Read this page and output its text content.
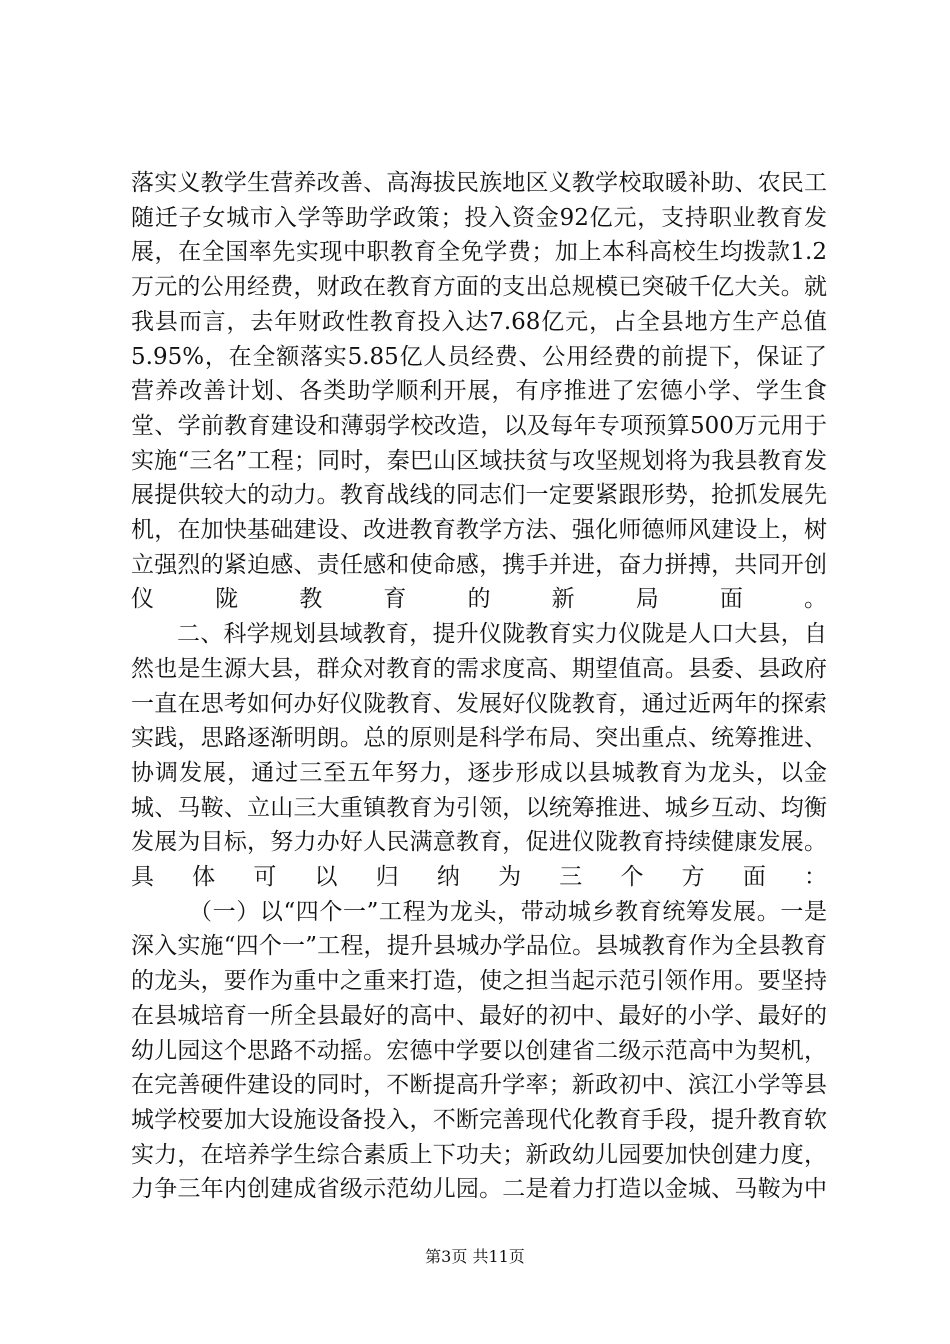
落实义教学生营养改善、高海拔民族地区义教学校取暖补助、农民工随迁子女城市入学等助学政策；投入资金92亿元，支持职业教育发展，在全国率先实现中职教育全免学费；加上本科高校生均拨款1.2万元的公用经费，财政在教育方面的支出总规模已突破千亿大关。就我县而言，去年财政性教育投入达7.68亿元，占全县地方生产总值5.95%，在全额落实5.85亿人员经费、公用经费的前提下，保证了营养改善计划、各类助学顺利开展，有序推进了宏德小学、学生食堂、学前教育建设和薄弱学校改造，以及每年专项预算500万元用于实施“三名”工程；同时，秦巴山区域扶贫与攻坚规划将为我县教育发展提供较大的动力。教育战线的同志们一定要紧跟形势，抢抓发展先机，在加快基础建设、改进教育教学方法、强化师德师风建设上，树立强烈的紧迫感、责任感和使命感，携手并进，奋力拼搏，共同开创仪陇教育的新局面。

二、科学规划县域教育，提升仪陇教育实力仪陇是人口大县，自然也是生源大县，群众对教育的需求度高、期望值高。县委、县政府一直在思考如何办好仪陇教育、发展好仪陇教育，通过近两年的探索实践，思路逐渐明朗。总的原则是科学布局、突出重点、统筹推进、协调发展，通过三至五年努力，逐步形成以县城教育为龙头，以金城、马鞍、立山三大重镇教育为引领，以统筹推进、城乡互动、均衡发展为目标，努力办好人民满意教育，促进仪陇教育持续健康发展。具体可以归纳为三个方面：

（一）以“四个一”工程为龙头，带动城乡教育统筹发展。一是深入实施“四个一”工程，提升县城办学品位。县城教育作为全县教育的龙头，要作为重中之重来打造，使之担当起示范引领作用。要坚持在县城培育一所全县最好的高中、最好的初中、最好的小学、最好的幼儿园这个思路不动摇。宏德中学要以创建省二级示范高中为契机，在完善硬件建设的同时，不断提高升学率；新政初中、滨江小学等县城学校要加大设施设备投入，不断完善现代化教育手段，提升教育软实力，在培养学生综合素质上下功夫；新政幼儿园要加快创建力度，力争三年内创建成省级示范幼儿园。二是着力打造以金城、马鞍为中

第3页 共11页
